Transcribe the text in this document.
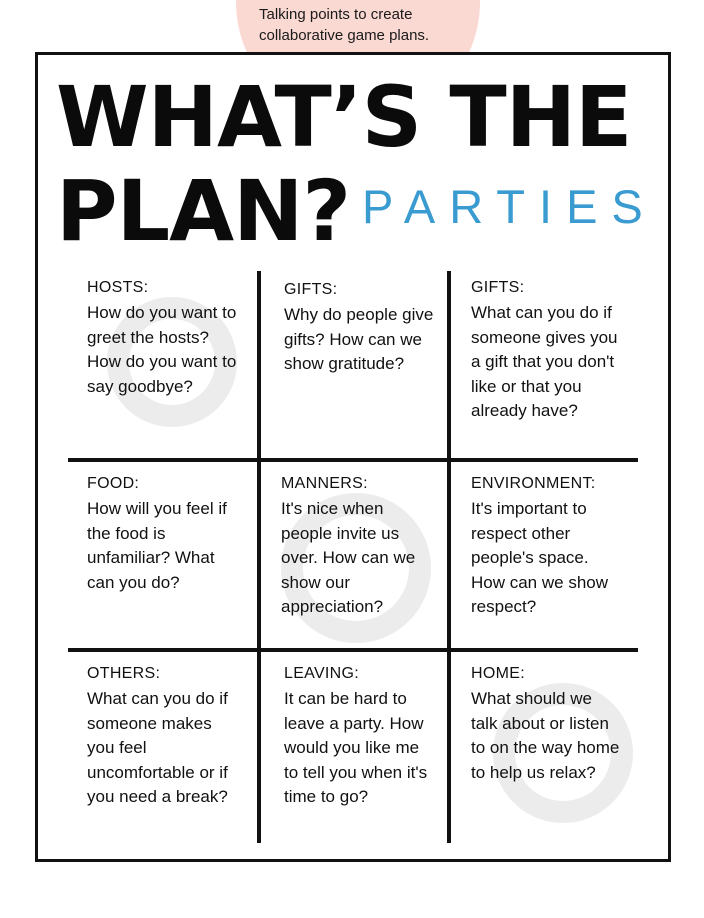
Talking points to create collaborative game plans.
WHAT’S THE
PLAN? PARTIES
HOSTS:
How do you want to greet the hosts? How do you want to say goodbye?
GIFTS:
Why do people give gifts? How can we show gratitude?
GIFTS:
What can you do if someone gives you a gift that you don't like or that you already have?
FOOD:
How will you feel if the food is unfamiliar? What can you do?
MANNERS:
It's nice when people invite us over. How can we show our appreciation?
ENVIRONMENT:
It's important to respect other people's space. How can we show respect?
OTHERS:
What can you do if someone makes you feel uncomfortable or if you need a break?
LEAVING:
It can be hard to leave a party. How would you like me to tell you when it's time to go?
HOME:
What should we talk about or listen to on the way home to help us relax?
